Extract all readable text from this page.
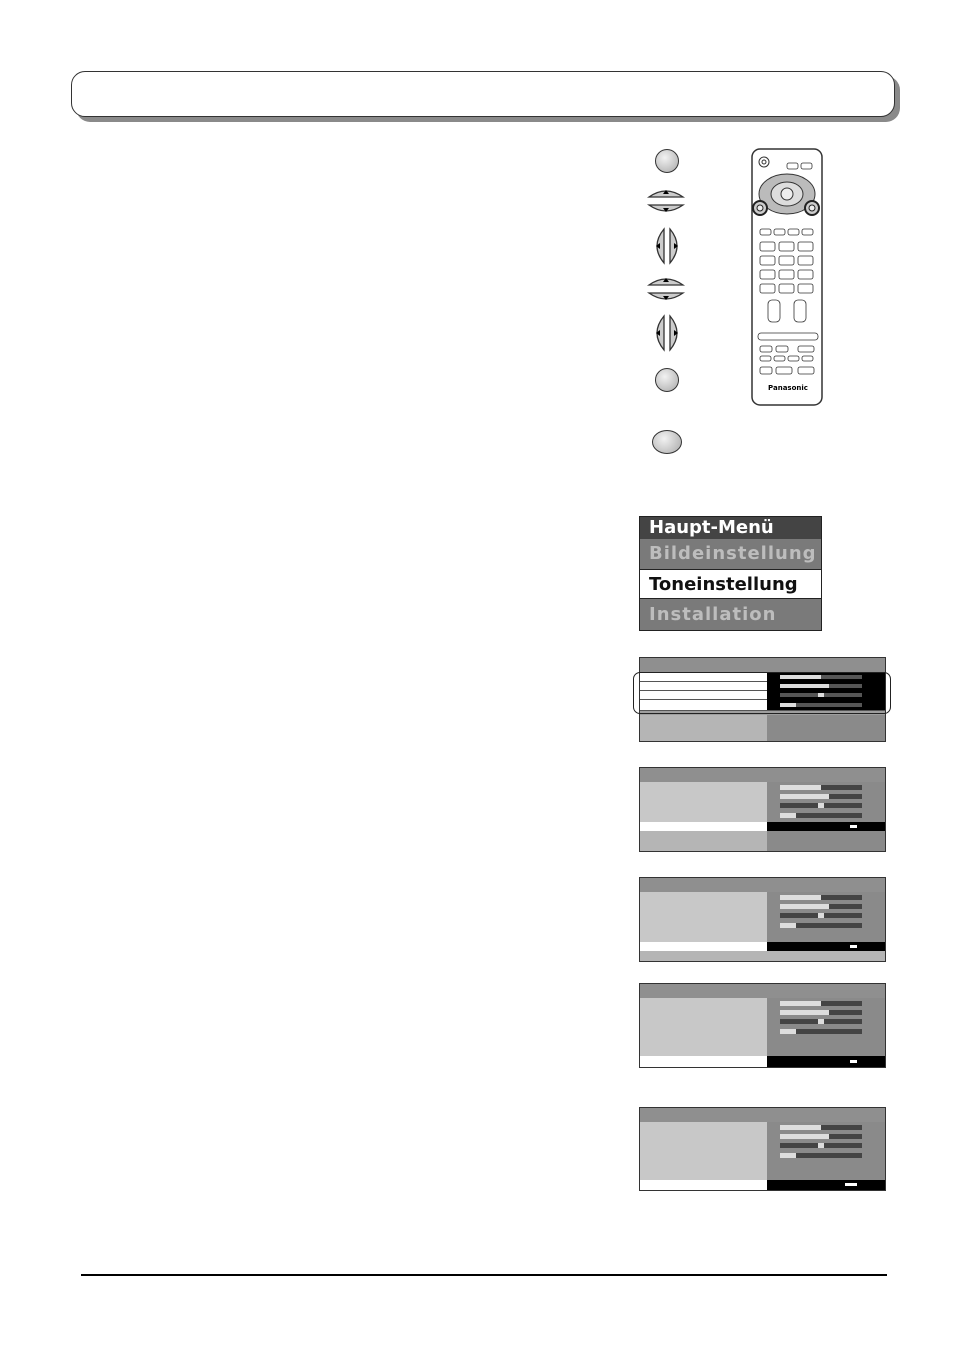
Panasonic
Haupt-Menü
Bildeinstellung
Toneinstellung
Installation
